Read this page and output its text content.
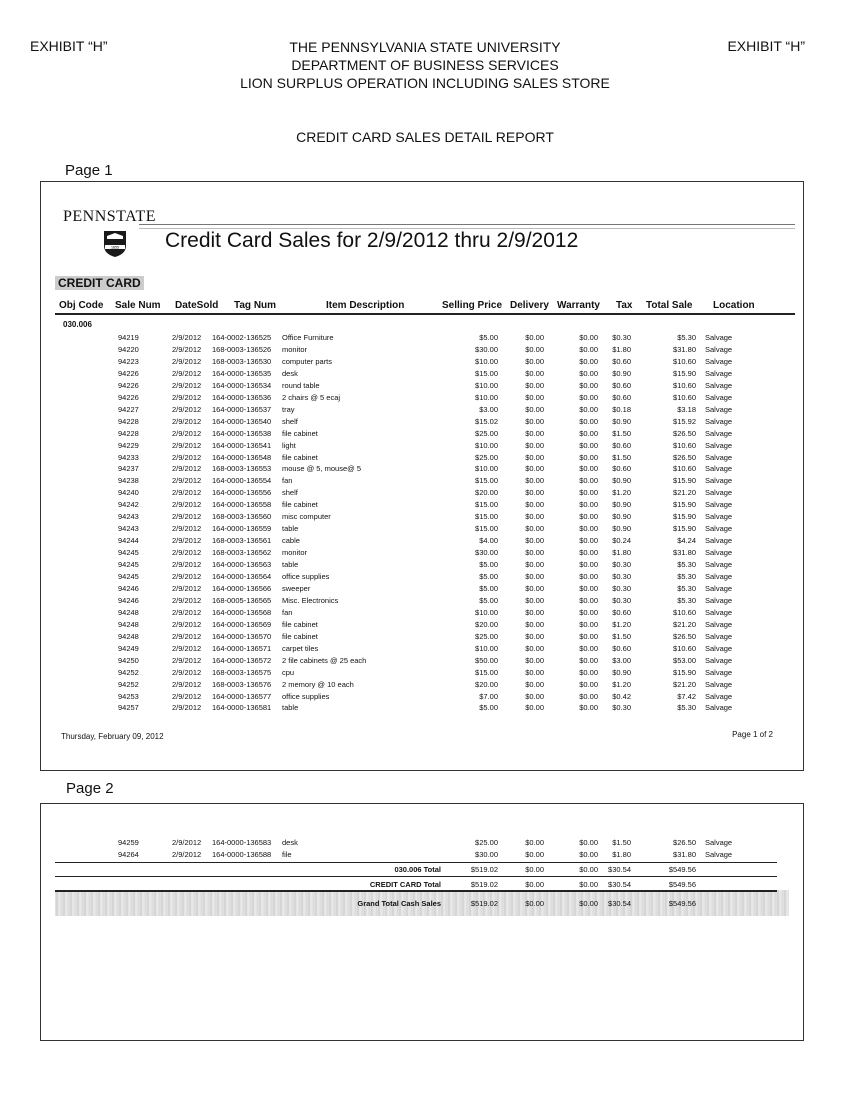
EXHIBIT “H”	EXHIBIT “H”
THE PENNSYLVANIA STATE UNIVERSITY
DEPARTMENT OF BUSINESS SERVICES
LION SURPLUS OPERATION INCLUDING SALES STORE
CREDIT CARD SALES DETAIL REPORT
Page 1
PENNSTATE
1855 Credit Card Sales for 2/9/2012 thru 2/9/2012
CREDIT CARD
Obj Code Sale Num DateSold Tag Num	Item Description	Selling Price Delivery Warranty Tax Total Sale Location
030.006
94219	2/9/2012 164-0002-136525 Office Furniture	$5.00	$0.00	$0.00 $0.30	$5.30 Salvage
94220	2/9/2012 168-0003-136526 monitor	$30.00	$0.00	$0.00 $1.80	$31.80 Salvage
94223	2/9/2012 168-0003-136530 computer parts	$10.00	$0.00	$0.00 $0.60	$10.60 Salvage
94226	2/9/2012 164-0000-136535 desk	$15.00	$0.00	$0.00 $0.90	$15.90 Salvage
94226	2/9/2012 164-0000-136534 round table	$10.00	$0.00	$0.00 $0.60	$10.60 Salvage
94226	2/9/2012 164-0000-136536 2 chairs @ 5 ecaj	$10.00	$0.00	$0.00 $0.60	$10.60 Salvage
94227	2/9/2012 164-0000-136537 tray	$3.00	$0.00	$0.00 $0.18	$3.18 Salvage
94228	2/9/2012 164-0000-136540 shelf	$15.02	$0.00	$0.00 $0.90	$15.92 Salvage
94228	2/9/2012 164-0000-136538 file cabinet	$25.00	$0.00	$0.00 $1.50	$26.50 Salvage
94229	2/9/2012 164-0000-136541 light	$10.00	$0.00	$0.00 $0.60	$10.60 Salvage
94233	2/9/2012 164-0000-136548 file cabinet	$25.00	$0.00	$0.00 $1.50	$26.50 Salvage
94237	2/9/2012 168-0003-136553 mouse @ 5, mouse@ 5	$10.00	$0.00	$0.00 $0.60	$10.60 Salvage
94238	2/9/2012 164-0000-136554 fan	$15.00	$0.00	$0.00 $0.90	$15.90 Salvage
94240	2/9/2012 164-0000-136556 shelf	$20.00	$0.00	$0.00 $1.20	$21.20 Salvage
94242	2/9/2012 164-0000-136558 file cabinet	$15.00	$0.00	$0.00 $0.90	$15.90 Salvage
94243	2/9/2012 168-0003-136560 misc computer	$15.00	$0.00	$0.00 $0.90	$15.90 Salvage
94243	2/9/2012 164-0000-136559 table	$15.00	$0.00	$0.00 $0.90	$15.90 Salvage
94244	2/9/2012 168-0003-136561 cable	$4.00	$0.00	$0.00 $0.24	$4.24 Salvage
94245	2/9/2012 168-0003-136562 monitor	$30.00	$0.00	$0.00 $1.80	$31.80 Salvage
94245	2/9/2012 164-0000-136563 table	$5.00	$0.00	$0.00 $0.30	$5.30 Salvage
94245	2/9/2012 164-0000-136564 office supplies	$5.00	$0.00	$0.00 $0.30	$5.30 Salvage
94246	2/9/2012 164-0000-136566 sweeper	$5.00	$0.00	$0.00 $0.30	$5.30 Salvage
94246	2/9/2012 168-0005-136565 Misc. Electronics	$5.00	$0.00	$0.00 $0.30	$5.30 Salvage
94248	2/9/2012 164-0000-136568 fan	$10.00	$0.00	$0.00 $0.60	$10.60 Salvage
94248	2/9/2012 164-0000-136569 file cabinet	$20.00	$0.00	$0.00 $1.20	$21.20 Salvage
94248	2/9/2012 164-0000-136570 file cabinet	$25.00	$0.00	$0.00 $1.50	$26.50 Salvage
94249	2/9/2012 164-0000-136571 carpet tiles	$10.00	$0.00	$0.00 $0.60	$10.60 Salvage
94250	2/9/2012 164-0000-136572 2 file cabinets @ 25 each	$50.00	$0.00	$0.00 $3.00	$53.00 Salvage
94252	2/9/2012 168-0003-136575 cpu	$15.00	$0.00	$0.00 $0.90	$15.90 Salvage
94252	2/9/2012 168-0003-136576 2 memory @ 10 each	$20.00	$0.00	$0.00 $1.20	$21.20 Salvage
94253	2/9/2012 164-0000-136577 office supplies	$7.00	$0.00	$0.00 $0.42	$7.42 Salvage
94257	2/9/2012 164-0000-136581 table	$5.00	$0.00	$0.00 $0.30	$5.30 Salvage
Thursday, February 09, 2012	Page 1 of 2
Page 2
94259	2/9/2012 164-0000-136583 desk	$25.00	$0.00	$0.00 $1.50	$26.50 Salvage
94264	2/9/2012 164-0000-136588 file	$30.00	$0.00	$0.00 $1.80	$31.80 Salvage
030.006 Total	$519.02	$0.00	$0.00 $30.54	$549.56
CREDIT CARD Total	$519.02	$0.00	$0.00 $30.54	$549.56
Grand Total Cash Sales	$519.02	$0.00	$0.00 $30.54	$549.56
